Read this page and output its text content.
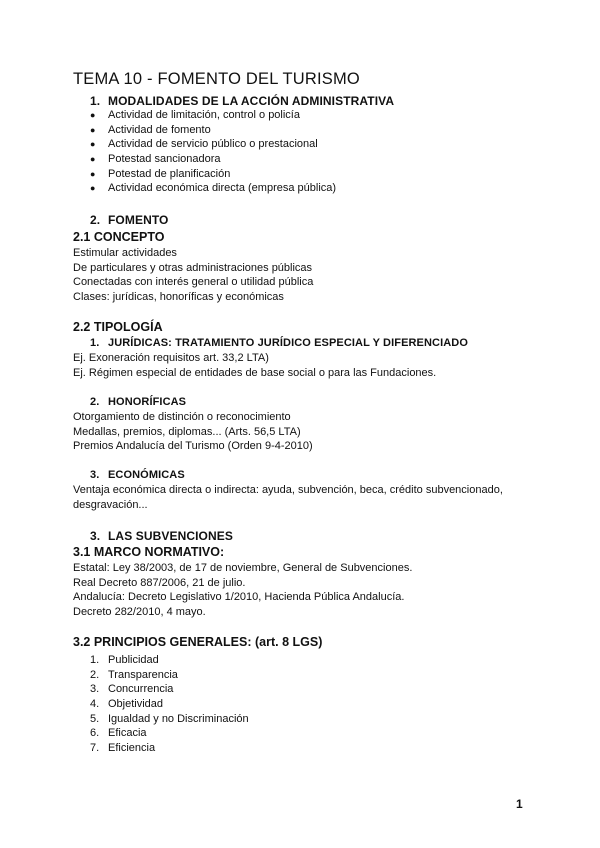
TEMA 10 - FOMENTO DEL TURISMO
1. MODALIDADES DE LA ACCIÓN ADMINISTRATIVA
● Actividad de limitación, control o policía
● Actividad de fomento
● Actividad de servicio público o prestacional
● Potestad sancionadora
● Potestad de planificación
● Actividad económica directa (empresa pública)
2. FOMENTO
2.1 CONCEPTO
Estimular actividades
De particulares y otras administraciones públicas
Conectadas con interés general o utilidad pública
Clases: jurídicas, honoríficas y económicas
2.2 TIPOLOGÍA
1. JURÍDICAS: TRATAMIENTO JURÍDICO ESPECIAL Y DIFERENCIADO
Ej. Exoneración requisitos art. 33,2 LTA)
Ej. Régimen especial de entidades de base social o para las Fundaciones.
2. HONORÍFICAS
Otorgamiento de distinción o reconocimiento
Medallas, premios, diplomas... (Arts. 56,5 LTA)
Premios Andalucía del Turismo (Orden 9-4-2010)
3. ECONÓMICAS
Ventaja económica directa o indirecta: ayuda, subvención, beca, crédito subvencionado,
desgravación...
3. LAS SUBVENCIONES
3.1 MARCO NORMATIVO:
Estatal: Ley 38/2003, de 17 de noviembre, General de Subvenciones.
Real Decreto 887/2006, 21 de julio.
Andalucía: Decreto Legislativo 1/2010, Hacienda Pública Andalucía.
Decreto 282/2010, 4 mayo.
3.2 PRINCIPIOS GENERALES: (art. 8 LGS)
1. Publicidad
2. Transparencia
3. Concurrencia
4. Objetividad
5. Igualdad y no Discriminación
6. Eficacia
7. Eficiencia
1
